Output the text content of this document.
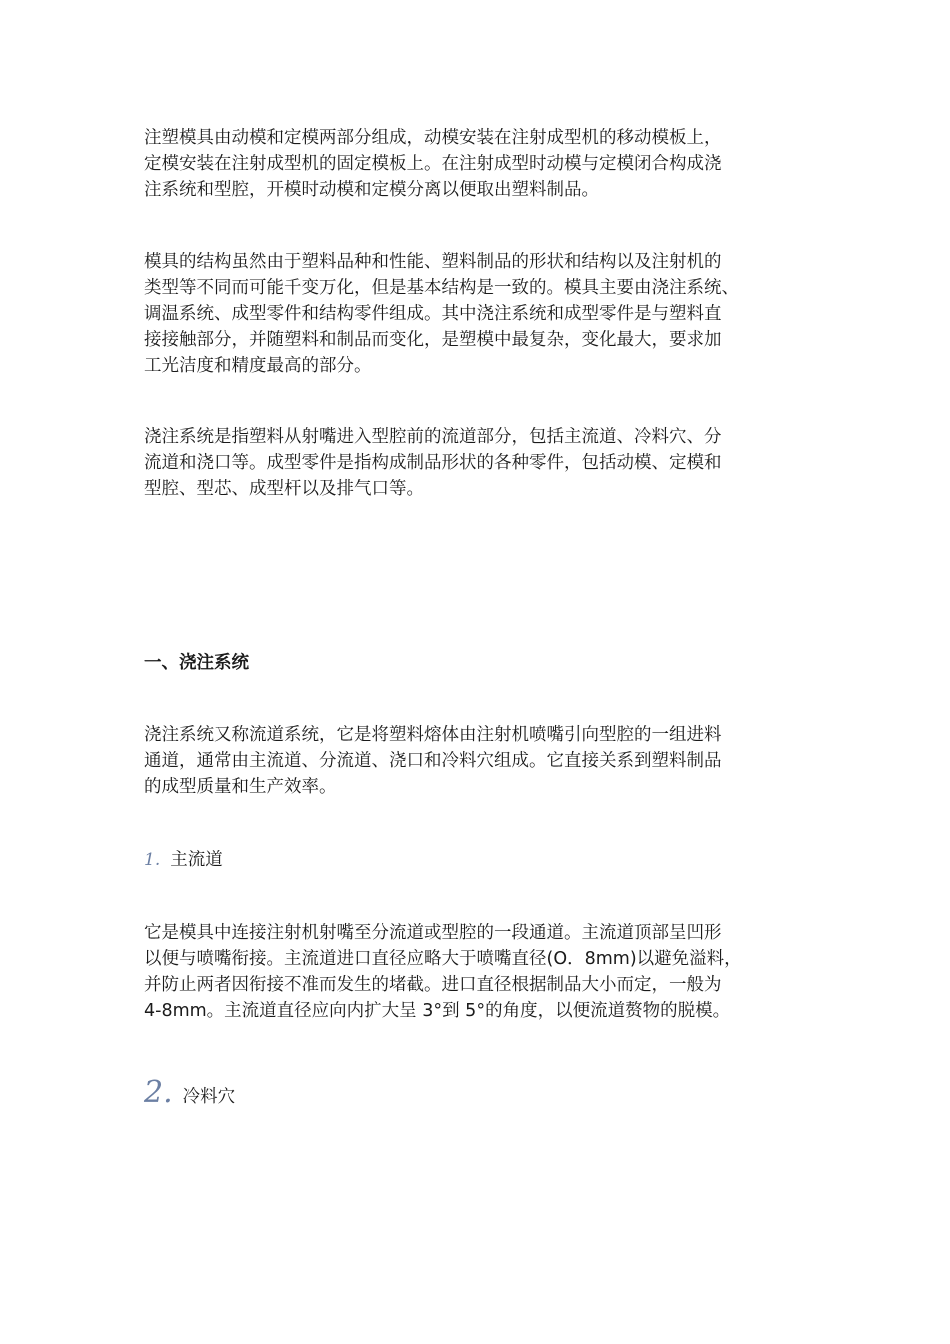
注塑模具由动模和定模两部分组成，动模安装在注射成型机的移动模板上，
定模安装在注射成型机的固定模板上。在注射成型时动模与定模闭合构成浇
注系统和型腔，开模时动模和定模分离以便取出塑料制品。

模具的结构虽然由于塑料品种和性能、塑料制品的形状和结构以及注射机的
类型等不同而可能千变万化，但是基本结构是一致的。模具主要由浇注系统、
调温系统、成型零件和结构零件组成。其中浇注系统和成型零件是与塑料直
接接触部分，并随塑料和制品而变化，是塑模中最复杂，变化最大，要求加
工光洁度和精度最高的部分。

浇注系统是指塑料从射嘴进入型腔前的流道部分，包括主流道、冷料穴、分
流道和浇口等。成型零件是指构成制品形状的各种零件，包括动模、定模和
型腔、型芯、成型杆以及排气口等。

一、浇注系统

浇注系统又称流道系统，它是将塑料熔体由注射机喷嘴引向型腔的一组进料
通道，通常由主流道、分流道、浇口和冷料穴组成。它直接关系到塑料制品
的成型质量和生产效率。

1. 主流道

它是模具中连接注射机射嘴至分流道或型腔的一段通道。主流道顶部呈凹形
以便与喷嘴衔接。主流道进口直径应略大于喷嘴直径(O．8mm)以避免溢料，
并防止两者因衔接不准而发生的堵截。进口直径根据制品大小而定，一般为
4-8mm。主流道直径应向内扩大呈 3°到 5°的角度，以便流道赘物的脱模。

2. 冷料穴
